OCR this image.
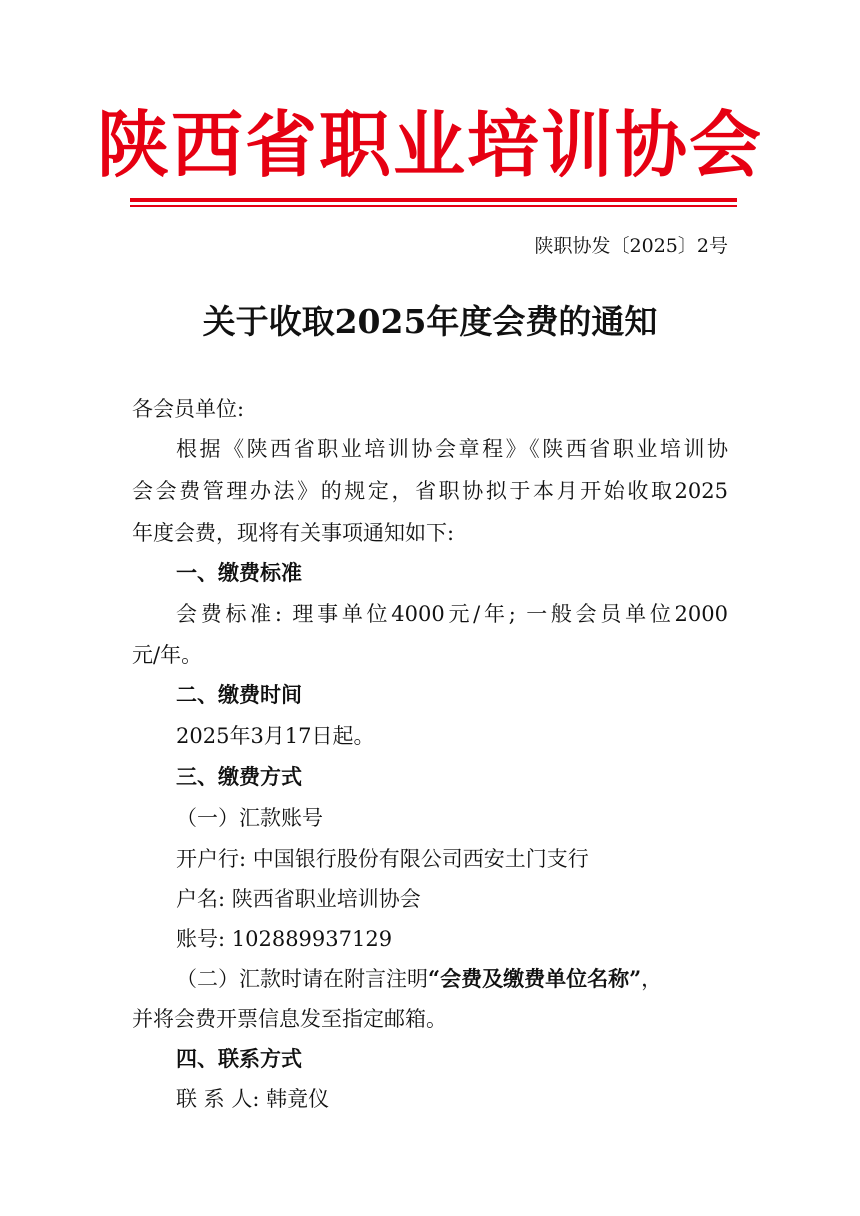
陕西省职业培训协会
陕职协发〔2025〕2号
关于收取2025年度会费的通知
各会员单位:
根据《陕西省职业培训协会章程》《陕西省职业培训协
会会费管理办法》的规定，省职协拟于本月开始收取2025
年度会费，现将有关事项通知如下:
一、缴费标准
会费标准: 理事单位4000元/年; 一般会员单位2000
元/年。
二、缴费时间
2025年3月17日起。
三、缴费方式
（一）汇款账号
开户行: 中国银行股份有限公司西安土门支行
户名: 陕西省职业培训协会
账号: 102889937129
（二）汇款时请在附言注明“会费及缴费单位名称”，
并将会费开票信息发至指定邮箱。
四、联系方式
联 系 人: 韩竟仪
